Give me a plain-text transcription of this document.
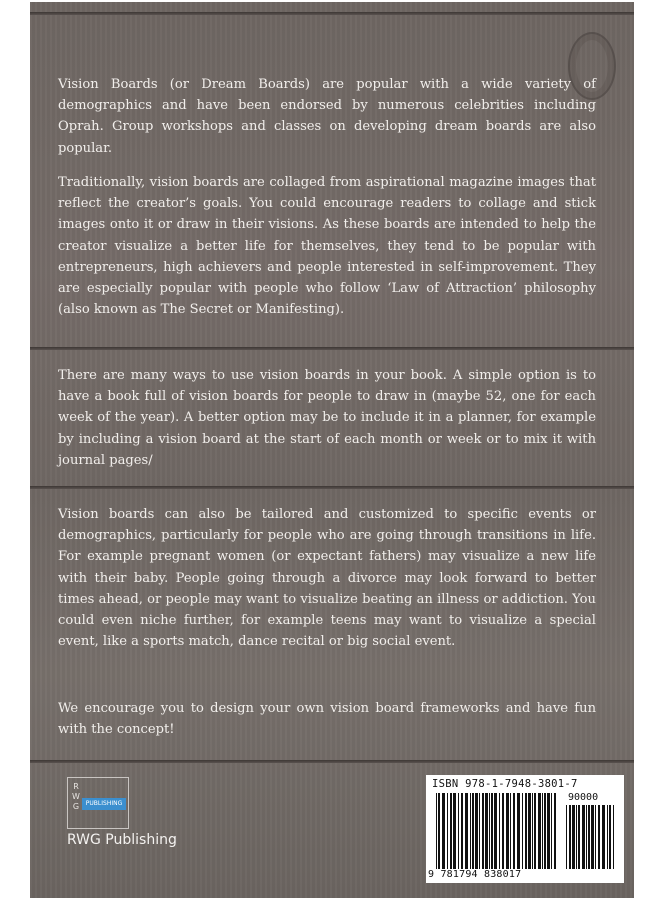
Vision Boards (or Dream Boards) are popular with a wide variety of demographics and have been endorsed by numerous celebrities including Oprah. Group workshops and classes on developing dream boards are also popular.

Traditionally, vision boards are collaged from aspirational magazine images that reflect the creator’s goals. You could encourage readers to collage and stick images onto it or draw in their visions. As these boards are intended to help the creator visualize a better life for themselves, they tend to be popular with entrepreneurs, high achievers and people interested in self-improvement. They are especially popular with people who follow ‘Law of Attraction’ philosophy (also known as The Secret or Manifesting).

There are many ways to use vision boards in your book. A simple option is to have a book full of vision boards for people to draw in (maybe 52, one for each week of the year). A better option may be to include it in a planner, for example by including a vision board at the start of each month or week or to mix it with journal pages/

Vision boards can also be tailored and customized to specific events or demographics, particularly for people who are going through transitions in life. For example pregnant women (or expectant fathers) may visualize a new life with their baby. People going through a divorce may look forward to better times ahead, or people may want to visualize beating an illness or addiction. You could even niche further, for example teens may want to visualize a special event, like a sports match, dance recital or big social event.

We encourage you to design your own vision board frameworks and have fun with the concept!

R
W
G	PUBLISHING
RWG Publishing
ISBN 978-1-7948-3801-7
90000
9 781794 838017
